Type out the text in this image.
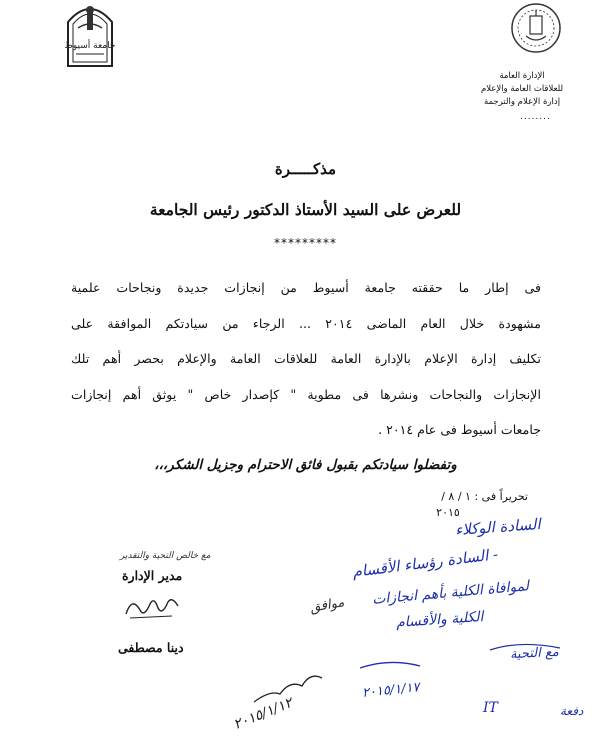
جامعة أسيوط
الإدارة العامة
للعلاقات العامة والإعلام
إدارة الإعلام والترجمة
........
مذكـــــرة
للعرض على السيد الأستاذ الدكتور رئيس الجامعة
*********
فى إطار ما حققته جامعة أسيوط من إنجازات جديدة ونجاحات علمية
مشهودة خلال العام الماضى ٢٠١٤ ... الرجاء من سيادتكم الموافقة على
تكليف إدارة الإعلام بالإدارة العامة للعلاقات العامة والإعلام بحصر أهم تلك
الإنجازات والنجاحات ونشرها فى مطوية " كإصدار خاص " يوثق أهم إنجازات
جامعات أسيوط فى عام ٢٠١٤ .
وتفضلوا سيادتكم بقبول فائق الاحترام وجزيل الشكر،،،
تحريراً فى : ١ / ٨ /
٢٠١٥
مع خالص التحية والتقدير
مدير الإدارة
دينا مصطفى
السادة الوكلاء
- السادة رؤساء الأقسام
لموافاة الكلية بأهم انجازات
الكلية والأقسام
مع التحية
٢٠١٥/١/١٧
IT	دفعة
موافق
٢٠١٥/١/١٢
